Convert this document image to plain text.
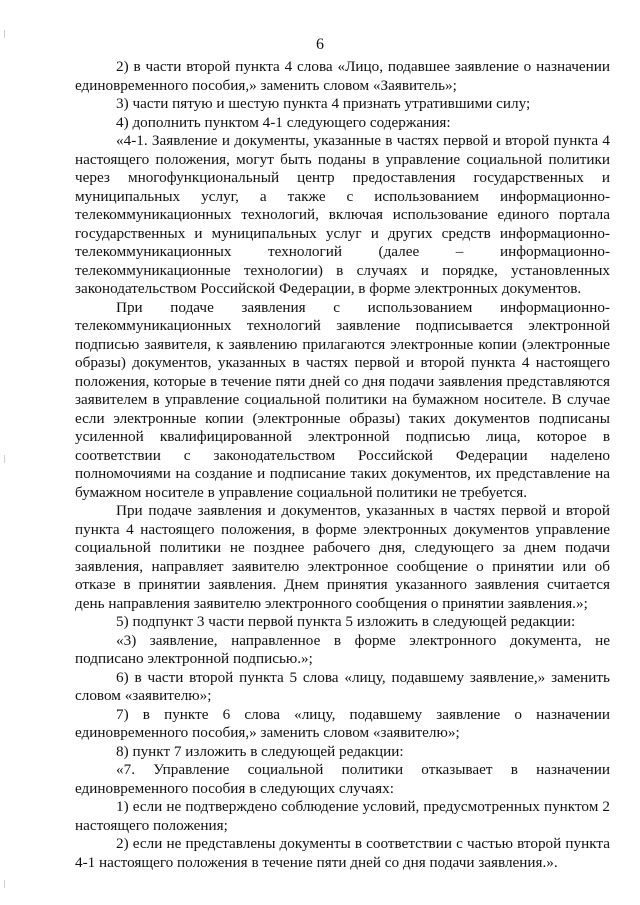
6

2) в части второй пункта 4 слова «Лицо, подавшее заявление о назначении единовременного пособия,» заменить словом «Заявитель»;

3) части пятую и шестую пункта 4 признать утратившими силу;

4) дополнить пунктом 4-1 следующего содержания:

«4-1. Заявление и документы, указанные в частях первой и второй пункта 4 настоящего положения, могут быть поданы в управление социальной политики через многофункциональный центр предоставления государственных и муниципальных услуг, а также с использованием информационно-телекоммуникационных технологий, включая использование единого портала государственных и муниципальных услуг и других средств информационно-телекоммуникационных технологий (далее – информационно-телекоммуникационные технологии) в случаях и порядке, установленных законодательством Российской Федерации, в форме электронных документов.

При подаче заявления с использованием информационно-телекоммуникационных технологий заявление подписывается электронной подписью заявителя, к заявлению прилагаются электронные копии (электронные образы) документов, указанных в частях первой и второй пункта 4 настоящего положения, которые в течение пяти дней со дня подачи заявления представляются заявителем в управление социальной политики на бумажном носителе. В случае если электронные копии (электронные образы) таких документов подписаны усиленной квалифицированной электронной подписью лица, которое в соответствии с законодательством Российской Федерации наделено полномочиями на создание и подписание таких документов, их представление на бумажном носителе в управление социальной политики не требуется.

При подаче заявления и документов, указанных в частях первой и второй пункта 4 настоящего положения, в форме электронных документов управление социальной политики не позднее рабочего дня, следующего за днем подачи заявления, направляет заявителю электронное сообщение о принятии или об отказе в принятии заявления. Днем принятия указанного заявления считается день направления заявителю электронного сообщения о принятии заявления.»;

5) подпункт 3 части первой пункта 5 изложить в следующей редакции:

«3) заявление, направленное в форме электронного документа, не подписано электронной подписью.»;

6) в части второй пункта 5 слова «лицу, подавшему заявление,» заменить словом «заявителю»;

7) в пункте 6 слова «лицу, подавшему заявление о назначении единовременного пособия,» заменить словом «заявителю»;

8) пункт 7 изложить в следующей редакции:

«7. Управление социальной политики отказывает в назначении единовременного пособия в следующих случаях:

1) если не подтверждено соблюдение условий, предусмотренных пунктом 2 настоящего положения;

2) если не представлены документы в соответствии с частью второй пункта 4-1 настоящего положения в течение пяти дней со дня подачи заявления.».
